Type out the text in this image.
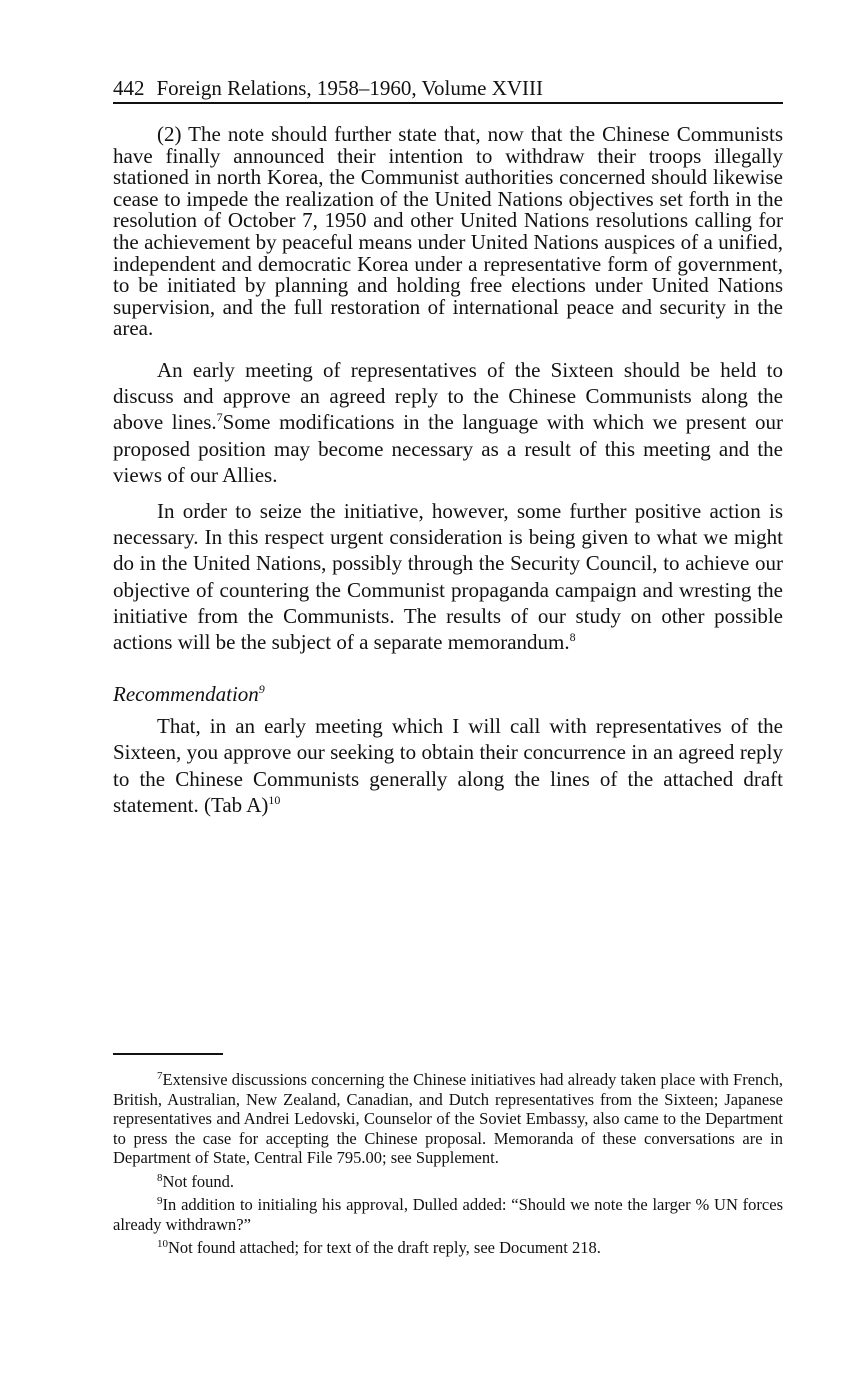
442 Foreign Relations, 1958–1960, Volume XVIII

(2) The note should further state that, now that the Chinese Communists have finally announced their intention to withdraw their troops illegally stationed in north Korea, the Communist authorities concerned should likewise cease to impede the realization of the United Nations objectives set forth in the resolution of October 7, 1950 and other United Nations resolutions calling for the achievement by peaceful means under United Nations auspices of a unified, independent and democratic Korea under a representative form of government, to be initiated by planning and holding free elections under United Nations supervision, and the full restoration of international peace and security in the area.

An early meeting of representatives of the Sixteen should be held to discuss and approve an agreed reply to the Chinese Communists along the above lines.$^7$Some modifications in the language with which we present our proposed position may become necessary as a result of this meeting and the views of our Allies.

In order to seize the initiative, however, some further positive action is necessary. In this respect urgent consideration is being given to what we might do in the United Nations, possibly through the Security Council, to achieve our objective of countering the Communist propaganda campaign and wresting the initiative from the Communists. The results of our study on other possible actions will be the subject of a separate memorandum.$^8$

Recommendation$^9$

That, in an early meeting which I will call with representatives of the Sixteen, you approve our seeking to obtain their concurrence in an agreed reply to the Chinese Communists generally along the lines of the attached draft statement. (Tab A)$^{10}$

$^7$Extensive discussions concerning the Chinese initiatives had already taken place with French, British, Australian, New Zealand, Canadian, and Dutch representatives from the Sixteen; Japanese representatives and Andrei Ledovski, Counselor of the Soviet Embassy, also came to the Department to press the case for accepting the Chinese proposal. Memoranda of these conversations are in Department of State, Central File 795.00; see Supplement.

$^8$Not found.

$^9$In addition to initialing his approval, Dulled added: “Should we note the larger % UN forces already withdrawn?”

$^{10}$Not found attached; for text of the draft reply, see Document 218.
